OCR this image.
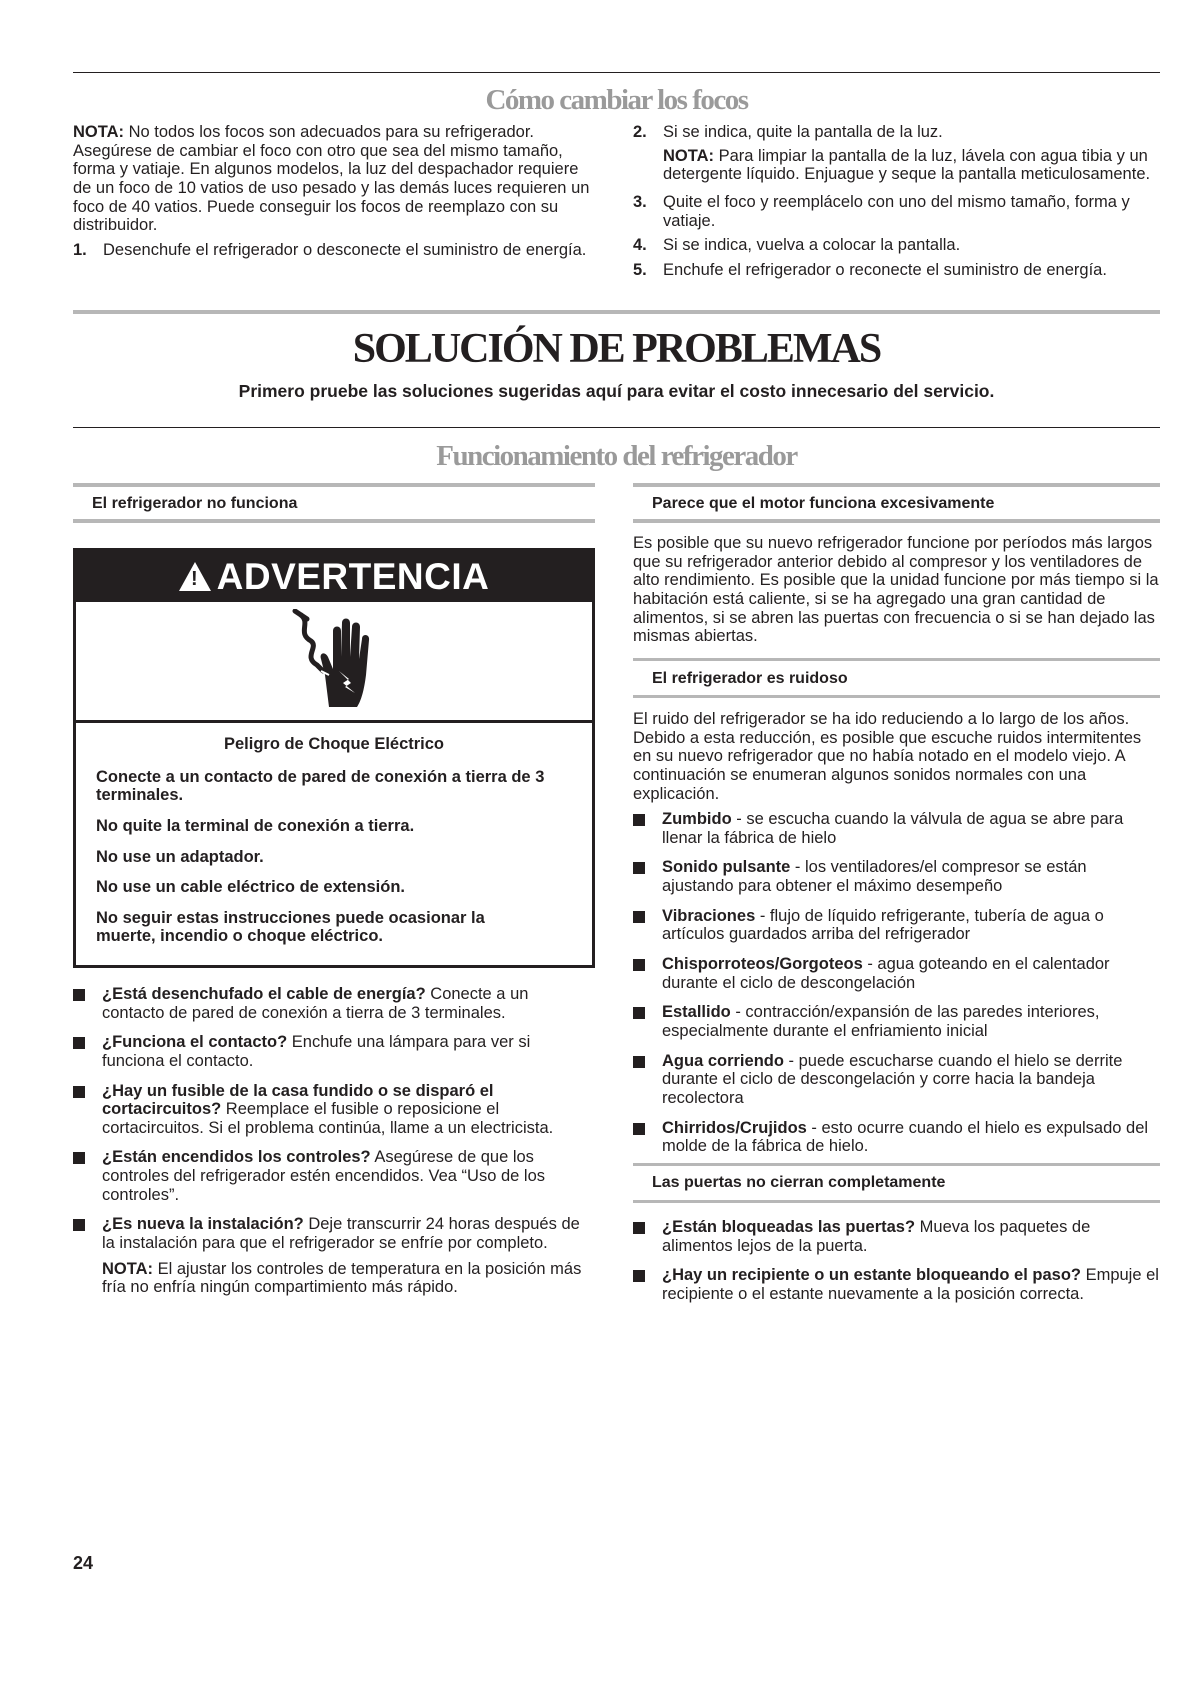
Cómo cambiar los focos

NOTA: No todos los focos son adecuados para su refrigerador. Asegúrese de cambiar el foco con otro que sea del mismo tamaño, forma y vatiaje. En algunos modelos, la luz del despachador requiere de un foco de 10 vatios de uso pesado y las demás luces requieren un foco de 40 vatios. Puede conseguir los focos de reemplazo con su distribuidor.

1. Desenchufe el refrigerador o desconecte el suministro de energía.
2. Si se indica, quite la pantalla de la luz.

NOTA: Para limpiar la pantalla de la luz, lávela con agua tibia y un detergente líquido. Enjuague y seque la pantalla meticulosamente.

3. Quite el foco y reemplácelo con uno del mismo tamaño, forma y vatiaje.
4. Si se indica, vuelva a colocar la pantalla.
5. Enchufe el refrigerador o reconecte el suministro de energía.
SOLUCIÓN DE PROBLEMAS
Primero pruebe las soluciones sugeridas aquí para evitar el costo innecesario del servicio.
Funcionamiento del refrigerador
El refrigerador no funciona
! ADVERTENCIA

Peligro de Choque Eléctrico

Conecte a un contacto de pared de conexión a tierra de 3 terminales.

No quite la terminal de conexión a tierra.

No use un adaptador.

No use un cable eléctrico de extensión.

No seguir estas instrucciones puede ocasionar la muerte, incendio o choque eléctrico.

¿Está desenchufado el cable de energía? Conecte a un contacto de pared de conexión a tierra de 3 terminales.
¿Funciona el contacto? Enchufe una lámpara para ver si funciona el contacto.
¿Hay un fusible de la casa fundido o se disparó el cortacircuitos? Reemplace el fusible o reposicione el cortacircuitos. Si el problema continúa, llame a un electricista.
¿Están encendidos los controles? Asegúrese de que los controles del refrigerador estén encendidos. Vea “Uso de los controles”.
¿Es nueva la instalación? Deje transcurrir 24 horas después de la instalación para que el refrigerador se enfríe por completo.

NOTA: El ajustar los controles de temperatura en la posición más fría no enfría ningún compartimiento más rápido.

Parece que el motor funciona excesivamente

Es posible que su nuevo refrigerador funcione por períodos más largos que su refrigerador anterior debido al compresor y los ventiladores de alto rendimiento. Es posible que la unidad funcione por más tiempo si la habitación está caliente, si se ha agregado una gran cantidad de alimentos, si se abren las puertas con frecuencia o si se han dejado las mismas abiertas.

El refrigerador es ruidoso

El ruido del refrigerador se ha ido reduciendo a lo largo de los años. Debido a esta reducción, es posible que escuche ruidos intermitentes en su nuevo refrigerador que no había notado en el modelo viejo. A continuación se enumeran algunos sonidos normales con una explicación.

Zumbido - se escucha cuando la válvula de agua se abre para llenar la fábrica de hielo
Sonido pulsante - los ventiladores/el compresor se están ajustando para obtener el máximo desempeño
Vibraciones - flujo de líquido refrigerante, tubería de agua o artículos guardados arriba del refrigerador
Chisporroteos/Gorgoteos - agua goteando en el calentador durante el ciclo de descongelación
Estallido - contracción/expansión de las paredes interiores, especialmente durante el enfriamiento inicial
Agua corriendo - puede escucharse cuando el hielo se derrite durante el ciclo de descongelación y corre hacia la bandeja recolectora
Chirridos/Crujidos - esto ocurre cuando el hielo es expulsado del molde de la fábrica de hielo.
Las puertas no cierran completamente
¿Están bloqueadas las puertas? Mueva los paquetes de alimentos lejos de la puerta.
¿Hay un recipiente o un estante bloqueando el paso? Empuje el recipiente o el estante nuevamente a la posición correcta.
24
